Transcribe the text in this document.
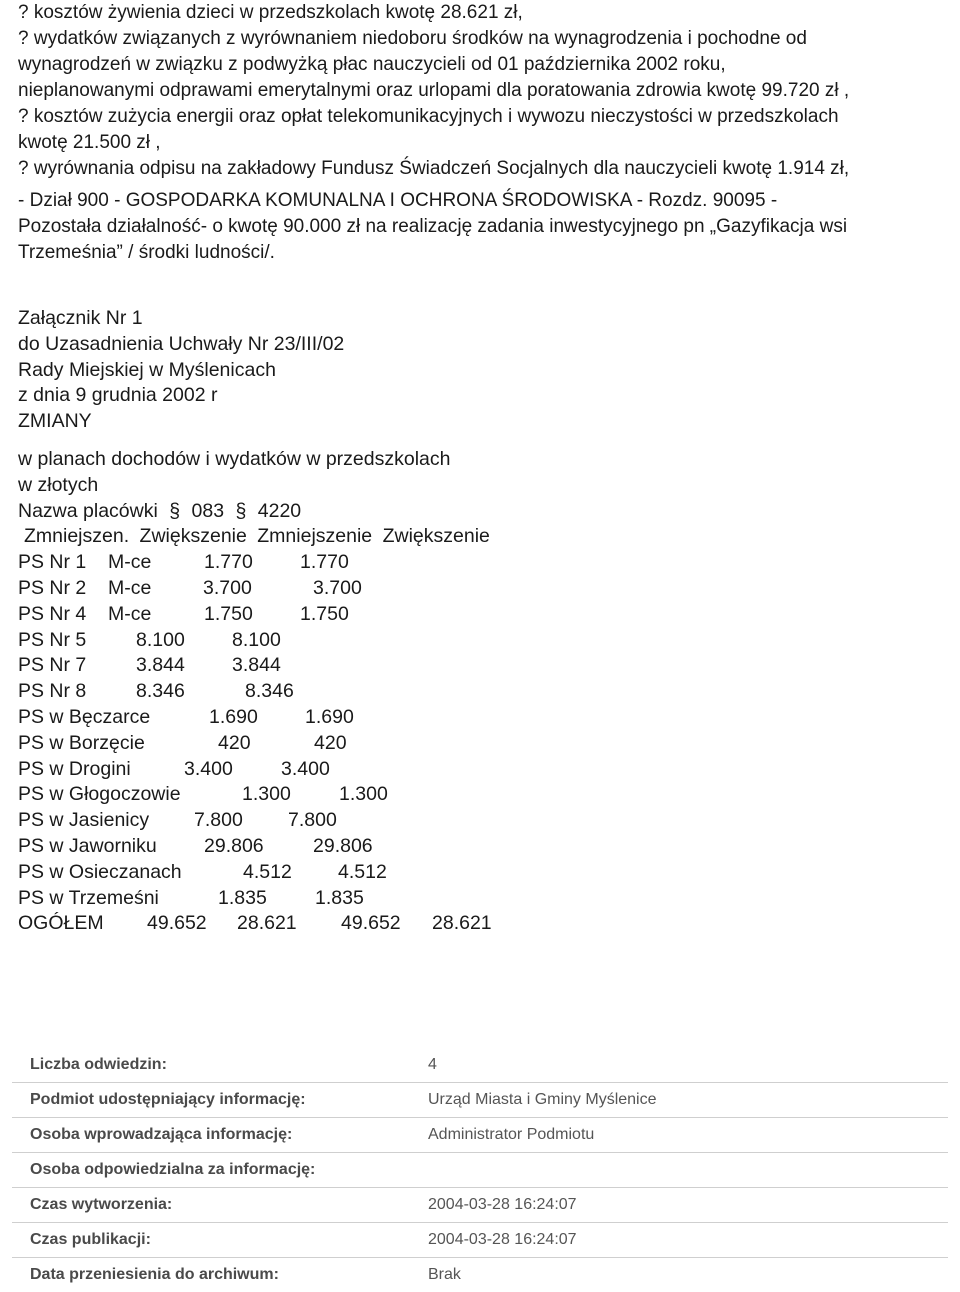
? kosztów żywienia dzieci w przedszkolach kwotę 28.621 zł,
? wydatków związanych z wyrównaniem niedoboru środków na wynagrodzenia i pochodne od
wynagrodzeń w związku z podwyżką płac nauczycieli od 01 października 2002 roku,
nieplanowanymi odprawami emerytalnymi oraz urlopami dla poratowania zdrowia kwotę 99.720 zł ,
? kosztów zużycia energii oraz opłat telekomunikacyjnych i wywozu nieczystości w przedszkolach
kwotę 21.500 zł ,
? wyrównania odpisu na zakładowy Fundusz Świadczeń Socjalnych dla nauczycieli kwotę 1.914 zł,
- Dział 900 - GOSPODARKA KOMUNALNA I OCHRONA ŚRODOWISKA - Rozdz. 90095 -
Pozostała działalność- o kwotę 90.000 zł na realizację zadania inwestycyjnego pn „Gazyfikacja wsi
Trzemeśnia” / środki ludności/.
Załącznik Nr 1
do Uzasadnienia Uchwały Nr 23/III/02
Rady Miejskiej w Myślenicach
z dnia 9 grudnia 2002 r
ZMIANY
w planach dochodów i wydatków w przedszkolach
w złotych
Nazwa placówki § 083 § 4220
Zmniejszen. Zwiększenie Zmniejszenie Zwiększenie
PS Nr 1 M-ce	1.770 1.770
PS Nr 2 M-ce	3.700	3.700
PS Nr 4 M-ce	1.750 1.750
PS Nr 5	8.100 8.100
PS Nr 7	3.844 3.844
PS Nr 8	8.346	8.346
PS w Bęczarce	1.690 1.690
PS w Borzęcie	420	420
PS w Drogini	3.400 3.400
PS w Głogoczowie	1.300 1.300
PS w Jasienicy 7.800 7.800
PS w Jaworniku 29.806	29.806
PS w Osieczanach	4.512 4.512
PS w Trzemeśni	1.835 1.835
OGÓŁEM 49.652 28.621 49.652 28.621
Liczba odwiedzin:	4
Podmiot udostępniający informację:	Urząd Miasta i Gminy Myślenice
Osoba wprowadzająca informację:	Administrator Podmiotu
Osoba odpowiedzialna za informację:	
Czas wytworzenia:	2004-03-28 16:24:07
Czas publikacji:	2004-03-28 16:24:07
Data przeniesienia do archiwum:	Brak
